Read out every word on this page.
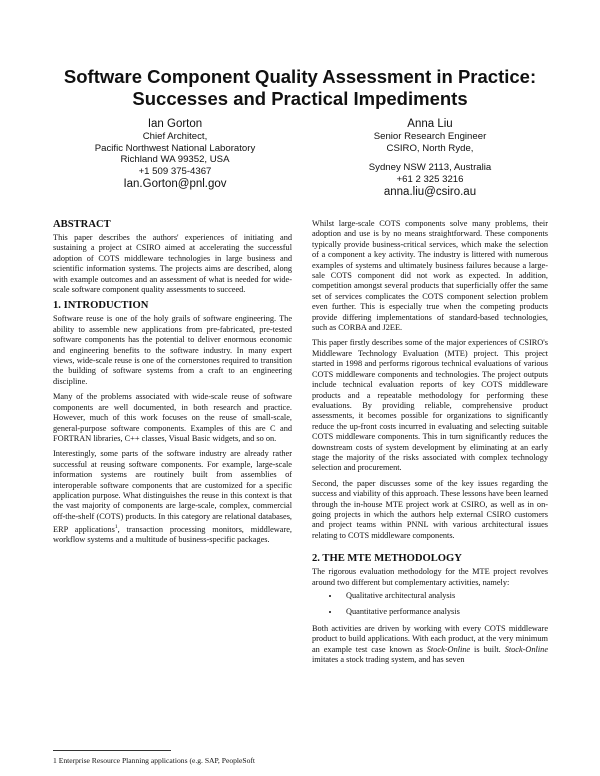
Software Component Quality Assessment in Practice:
Successes and Practical Impediments
Ian Gorton
Chief Architect,
Pacific Northwest National Laboratory
Richland WA 99352, USA
+1 509 375-4367
Ian.Gorton@pnl.gov
Anna Liu
Senior Research Engineer
CSIRO, North Ryde,
Sydney NSW 2113, Australia
+61 2 325 3216
anna.liu@csiro.au
ABSTRACT

This paper describes the authors' experiences of initiating and sustaining a project at CSIRO aimed at accelerating the successful adoption of COTS middleware technologies in large business and scientific information systems. The projects aims are described, along with example outcomes and an assessment of what is needed for wide-scale software component quality assessments to succeed.

1. INTRODUCTION

Software reuse is one of the holy grails of software engineering. The ability to assemble new applications from pre-fabricated, pre-tested software components has the potential to deliver enormous economic and engineering benefits to the software industry. In many expert views, wide-scale reuse is one of the cornerstones required to transition the building of software systems from a craft to an engineering discipline.

Many of the problems associated with wide-scale reuse of software components are well documented, in both research and practice. However, much of this work focuses on the reuse of small-scale, general-purpose software components. Examples of this are C and FORTRAN libraries, C++ classes, Visual Basic widgets, and so on.

Interestingly, some parts of the software industry are already rather successful at reusing software components. For example, large-scale information systems are routinely built from assemblies of interoperable software components that are customized for a specific application purpose. What distinguishes the reuse in this context is that the vast majority of components are large-scale, complex, commercial off-the-shelf (COTS) products. In this category are relational databases, ERP applications$^1$, transaction processing monitors, middleware, workflow systems and a multitude of business-specific packages.

1 Enterprise Resource Planning applications (e.g. SAP, PeopleSoft

Whilst large-scale COTS components solve many problems, their adoption and use is by no means straightforward. These components typically provide business-critical services, which make the selection of a component a key activity. The industry is littered with numerous examples of systems and ultimately business failures because a large-sale COTS component did not work as expected. In addition, competition amongst several products that superficially offer the same set of services complicates the COTS component selection problem even further. This is especially true when the competing products provide differing implementations of standard-based technologies, such as CORBA and J2EE.

This paper firstly describes some of the major experiences of CSIRO's Middleware Technology Evaluation (MTE) project. This project started in 1998 and performs rigorous technical evaluations of various COTS middleware components and technologies. The project outputs include technical evaluation reports of key COTS middleware products and a repeatable methodology for performing these evaluations. By providing reliable, comprehensive product assessments, it becomes possible for organizations to significantly reduce the up-front costs incurred in evaluating and selecting suitable COTS middleware components. This in turn significantly reduces the downstream costs of system development by eliminating at an early stage the majority of the risks associated with complex technology selection and procurement.

Second, the paper discusses some of the key issues regarding the success and viability of this approach. These lessons have been learned through the in-house MTE project work at CSIRO, as well as in on-going projects in which the authors help external CSIRO customers and project teams within PNNL with various architectural issues relating to COTS middleware components.

2. THE MTE METHODOLOGY

The rigorous evaluation methodology for the MTE project revolves around two different but complementary activities, namely:

• Qualitative architectural analysis
• Quantitative performance analysis

Both activities are driven by working with every COTS middleware product to build applications. With each product, at the very minimum an example test case known as Stock-Online is built. Stock-Online imitates a stock trading system, and has seven
